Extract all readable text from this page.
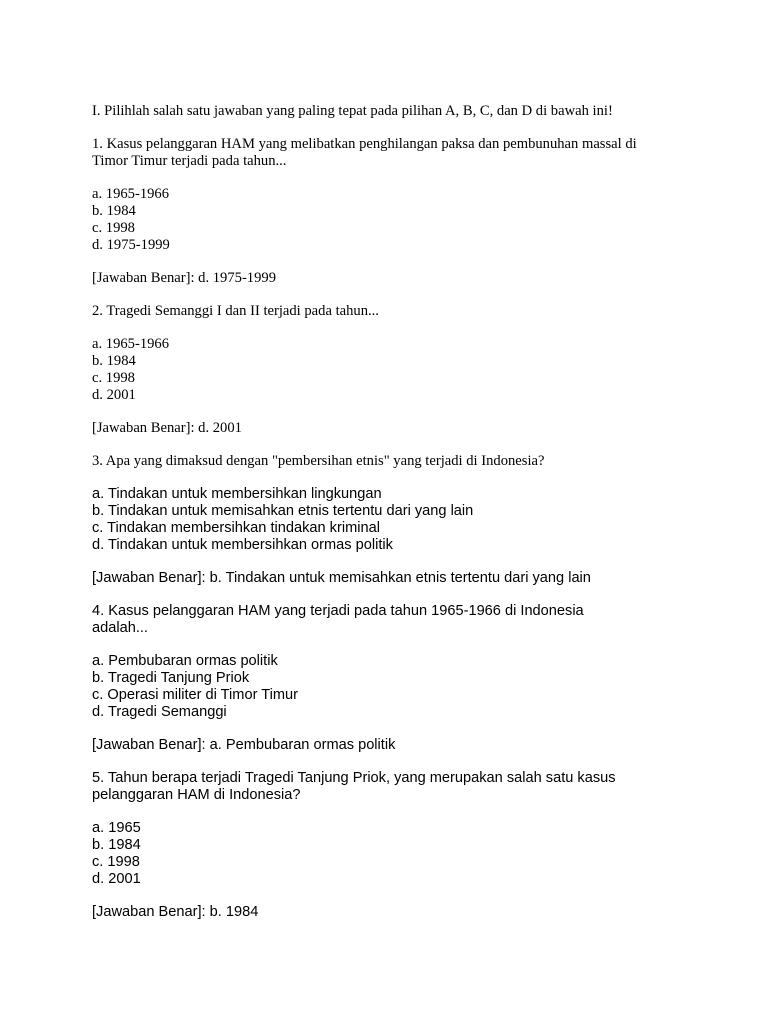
I. Pilihlah salah satu jawaban yang paling tepat pada pilihan A, B, C, dan D di bawah ini!

1. Kasus pelanggaran HAM yang melibatkan penghilangan paksa dan pembunuhan massal di
Timor Timur terjadi pada tahun...
a. 1965-1966
b. 1984
c. 1998
d. 1975-1999

[Jawaban Benar]: d. 1975-1999

2. Tragedi Semanggi I dan II terjadi pada tahun...
a. 1965-1966
b. 1984
c. 1998
d. 2001

[Jawaban Benar]: d. 2001

3. Apa yang dimaksud dengan "pembersihan etnis" yang terjadi di Indonesia?
a. Tindakan untuk membersihkan lingkungan
b. Tindakan untuk memisahkan etnis tertentu dari yang lain
c. Tindakan membersihkan tindakan kriminal
d. Tindakan untuk membersihkan ormas politik

[Jawaban Benar]: b. Tindakan untuk memisahkan etnis tertentu dari yang lain

4. Kasus pelanggaran HAM yang terjadi pada tahun 1965-1966 di Indonesia
adalah...
a. Pembubaran ormas politik
b. Tragedi Tanjung Priok
c. Operasi militer di Timor Timur
d. Tragedi Semanggi

[Jawaban Benar]: a. Pembubaran ormas politik

5. Tahun berapa terjadi Tragedi Tanjung Priok, yang merupakan salah satu kasus
pelanggaran HAM di Indonesia?
a. 1965
b. 1984
c. 1998
d. 2001

[Jawaban Benar]: b. 1984
